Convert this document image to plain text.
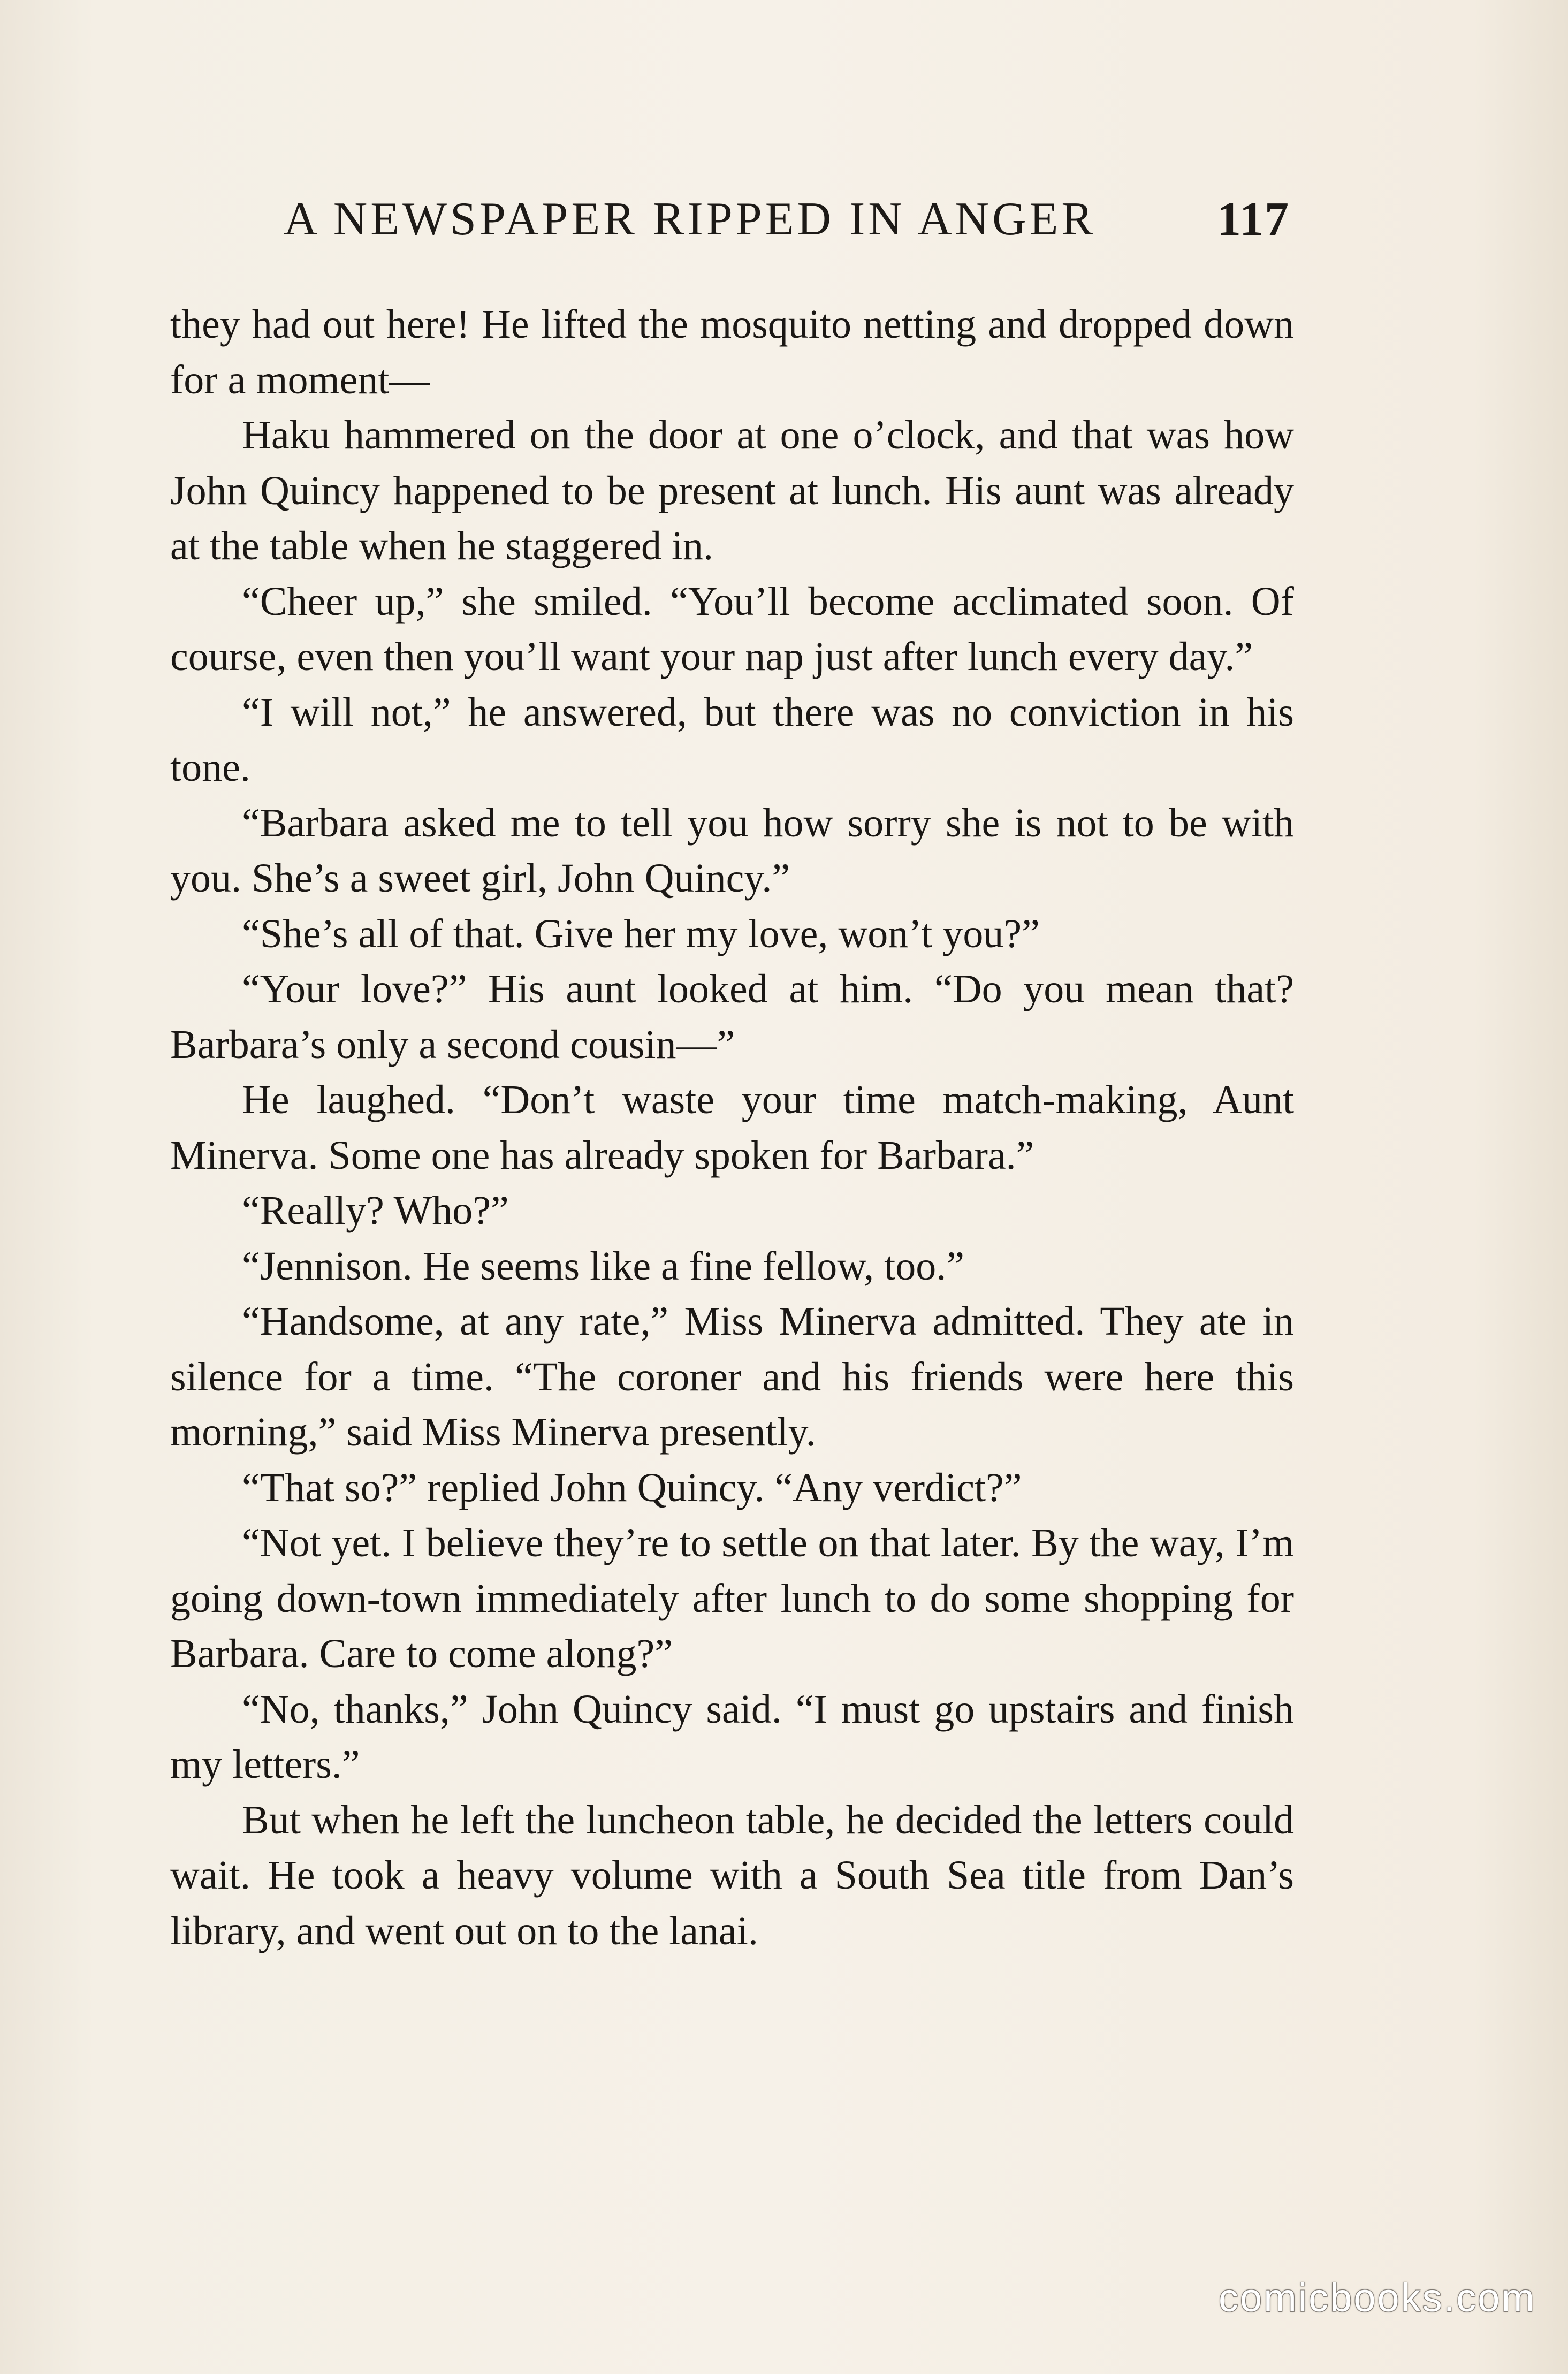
A NEWSPAPER RIPPED IN ANGER	117

they had out here! He lifted the mosquito netting and dropped down for a moment—

Haku hammered on the door at one o’clock, and that was how John Quincy happened to be present at lunch. His aunt was already at the table when he staggered in.

“Cheer up,” she smiled. “You’ll become acclimated soon. Of course, even then you’ll want your nap just after lunch every day.”

“I will not,” he answered, but there was no conviction in his tone.

“Barbara asked me to tell you how sorry she is not to be with you. She’s a sweet girl, John Quincy.”

“She’s all of that. Give her my love, won’t you?”

“Your love?” His aunt looked at him. “Do you mean that? Barbara’s only a second cousin—”

He laughed. “Don’t waste your time match-making, Aunt Minerva. Some one has already spoken for Barbara.”

“Really? Who?”

“Jennison. He seems like a fine fellow, too.”

“Handsome, at any rate,” Miss Minerva admitted. They ate in silence for a time. “The coroner and his friends were here this morning,” said Miss Minerva presently.

“That so?” replied John Quincy. “Any verdict?”

“Not yet. I believe they’re to settle on that later. By the way, I’m going down-town immediately after lunch to do some shopping for Barbara. Care to come along?”

“No, thanks,” John Quincy said. “I must go upstairs and finish my letters.”

But when he left the luncheon table, he decided the letters could wait. He took a heavy volume with a South Sea title from Dan’s library, and went out on to the lanai.

comicbooks.com
